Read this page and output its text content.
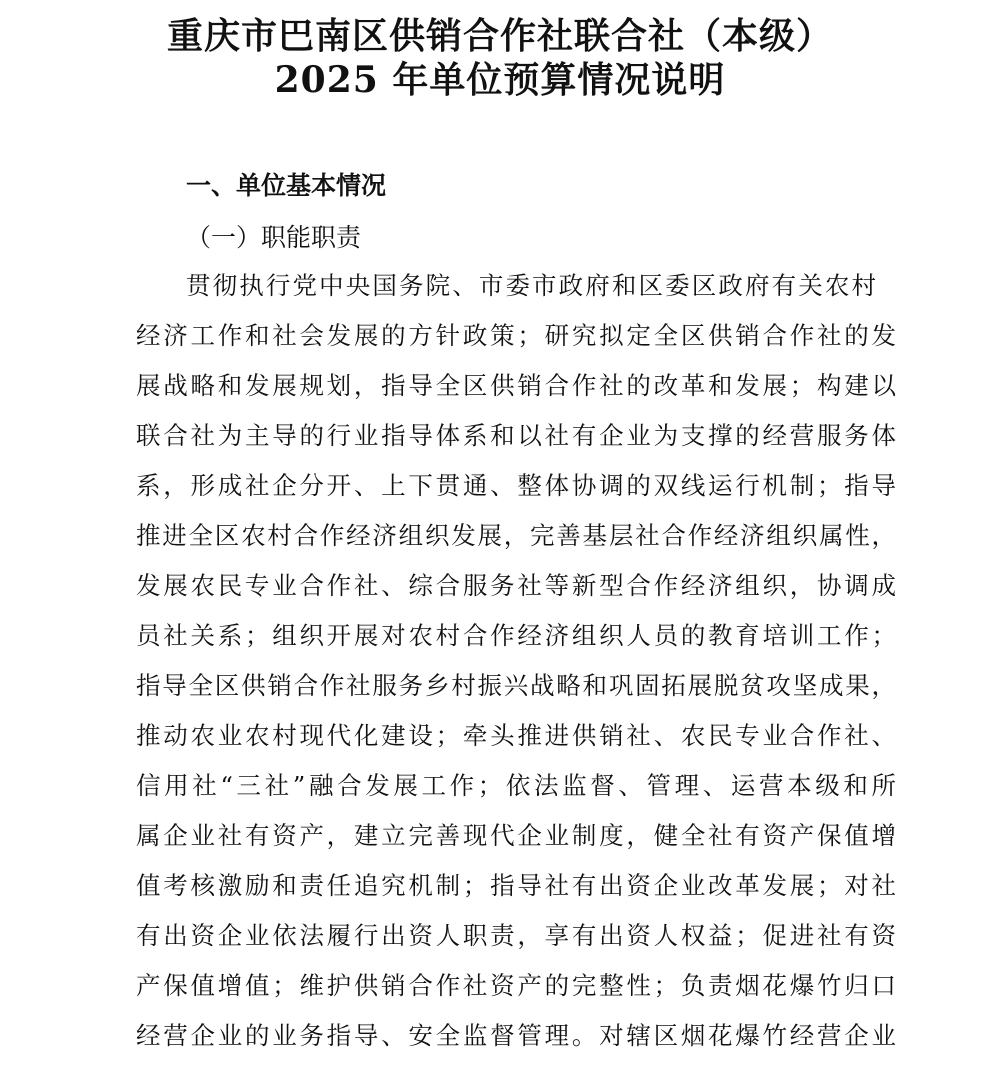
重庆市巴南区供销合作社联合社（本级）
2025 年单位预算情况说明
一、单位基本情况
（一）职能职责
贯彻执行党中央国务院、市委市政府和区委区政府有关农村
经济工作和社会发展的方针政策；研究拟定全区供销合作社的发
展战略和发展规划，指导全区供销合作社的改革和发展；构建以
联合社为主导的行业指导体系和以社有企业为支撑的经营服务体
系，形成社企分开、上下贯通、整体协调的双线运行机制；指导
推进全区农村合作经济组织发展，完善基层社合作经济组织属性，
发展农民专业合作社、综合服务社等新型合作经济组织，协调成
员社关系；组织开展对农村合作经济组织人员的教育培训工作；
指导全区供销合作社服务乡村振兴战略和巩固拓展脱贫攻坚成果，
推动农业农村现代化建设；牵头推进供销社、农民专业合作社、
信用社“三社”融合发展工作；依法监督、管理、运营本级和所
属企业社有资产，建立完善现代企业制度，健全社有资产保值增
值考核激励和责任追究机制；指导社有出资企业改革发展；对社
有出资企业依法履行出资人职责，享有出资人权益；促进社有资
产保值增值；维护供销合作社资产的完整性；负责烟花爆竹归口
经营企业的业务指导、安全监督管理。对辖区烟花爆竹经营企业
